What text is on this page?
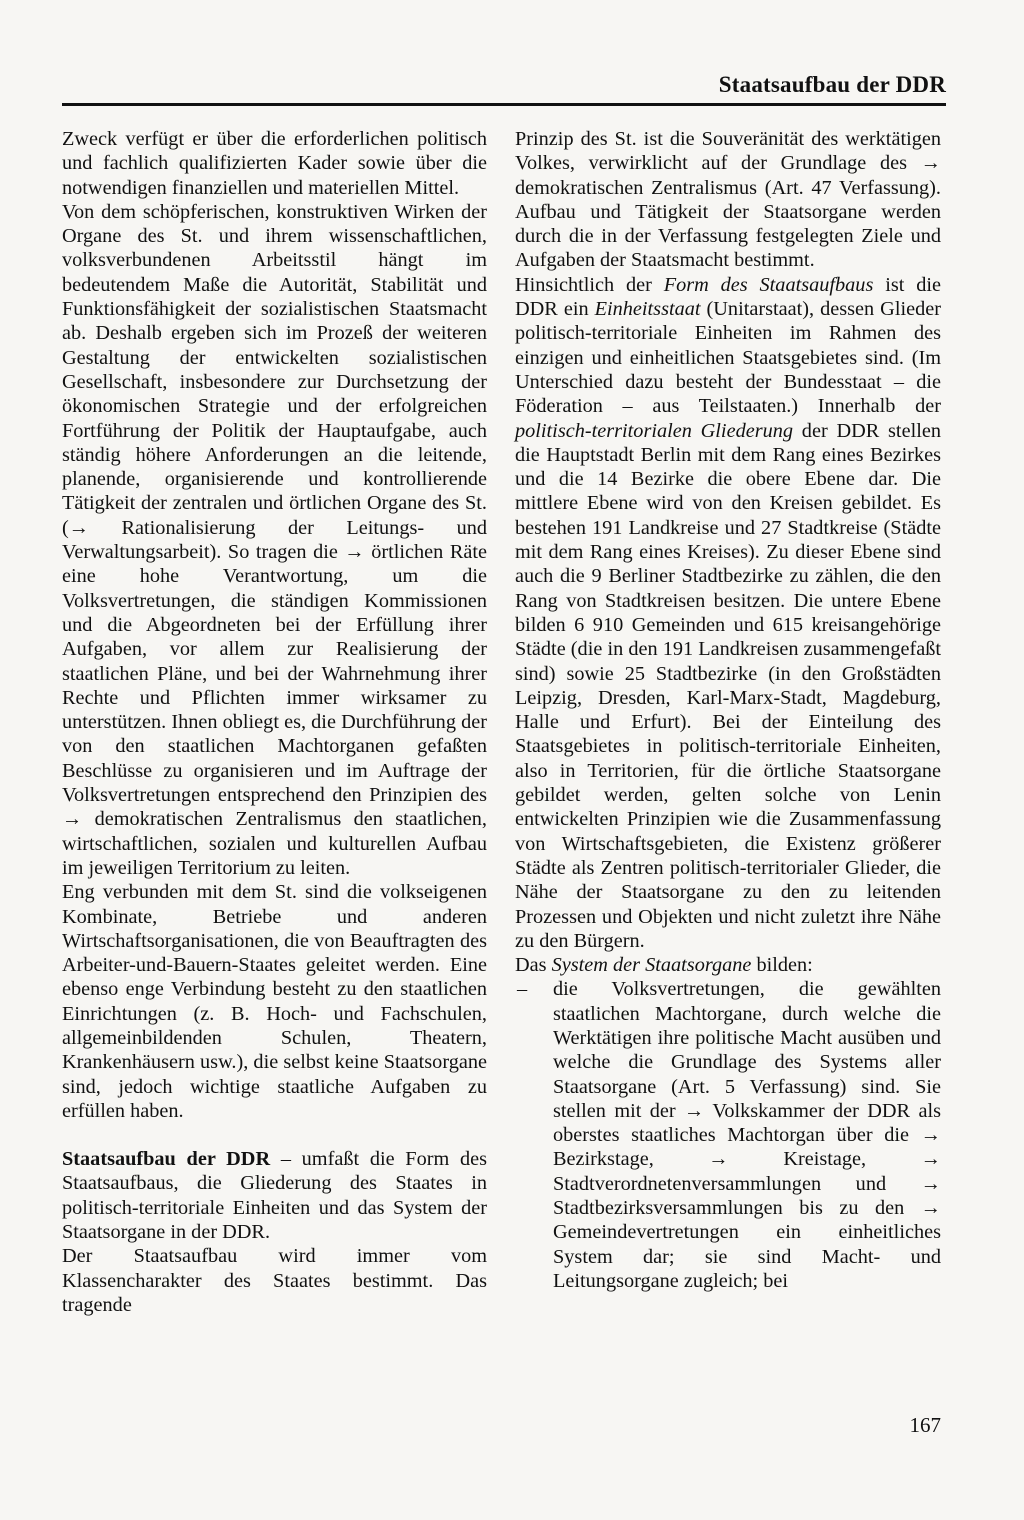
Staatsaufbau der DDR

Zweck verfügt er über die erforderlichen politisch und fachlich qualifizierten Kader sowie über die notwendigen finanziellen und materiellen Mittel.

Von dem schöpferischen, konstruktiven Wirken der Organe des St. und ihrem wissenschaftlichen, volksverbundenen Arbeitsstil hängt im bedeutendem Maße die Autorität, Stabilität und Funktionsfähigkeit der sozialistischen Staatsmacht ab. Deshalb ergeben sich im Prozeß der weiteren Gestaltung der entwickelten sozialistischen Gesellschaft, insbesondere zur Durchsetzung der ökonomischen Strategie und der erfolgreichen Fortführung der Politik der Hauptaufgabe, auch ständig höhere Anforderungen an die leitende, planende, organisierende und kontrollierende Tätigkeit der zentralen und örtlichen Organe des St. (→ Rationalisierung der Leitungs- und Verwaltungsarbeit). So tragen die → örtlichen Räte eine hohe Verantwortung, um die Volksvertretungen, die ständigen Kommissionen und die Abgeordneten bei der Erfüllung ihrer Aufgaben, vor allem zur Realisierung der staatlichen Pläne, und bei der Wahrnehmung ihrer Rechte und Pflichten immer wirksamer zu unterstützen. Ihnen obliegt es, die Durchführung der von den staatlichen Machtorganen gefaßten Beschlüsse zu organisieren und im Auftrage der Volksvertretungen entsprechend den Prinzipien des → demokratischen Zentralismus den staatlichen, wirtschaftlichen, sozialen und kulturellen Aufbau im jeweiligen Territorium zu leiten.

Eng verbunden mit dem St. sind die volkseigenen Kombinate, Betriebe und anderen Wirtschaftsorganisationen, die von Beauftragten des Arbeiter-und-Bauern-Staates geleitet werden. Eine ebenso enge Verbindung besteht zu den staatlichen Einrichtungen (z. B. Hoch- und Fachschulen, allgemeinbildenden Schulen, Theatern, Krankenhäusern usw.), die selbst keine Staatsorgane sind, jedoch wichtige staatliche Aufgaben zu erfüllen haben.

Staatsaufbau der DDR – umfaßt die Form des Staatsaufbaus, die Gliederung des Staates in politisch-territoriale Einheiten und das System der Staatsorgane in der DDR.

Der Staatsaufbau wird immer vom Klassencharakter des Staates bestimmt. Das tragende

Prinzip des St. ist die Souveränität des werktätigen Volkes, verwirklicht auf der Grundlage des → demokratischen Zentralismus (Art. 47 Verfassung). Aufbau und Tätigkeit der Staatsorgane werden durch die in der Verfassung festgelegten Ziele und Aufgaben der Staatsmacht bestimmt.

Hinsichtlich der Form des Staatsaufbaus ist die DDR ein Einheitsstaat (Unitarstaat), dessen Glieder politisch-territoriale Einheiten im Rahmen des einzigen und einheitlichen Staatsgebietes sind. (Im Unterschied dazu besteht der Bundesstaat – die Föderation – aus Teilstaaten.) Innerhalb der politisch-territorialen Gliederung der DDR stellen die Hauptstadt Berlin mit dem Rang eines Bezirkes und die 14 Bezirke die obere Ebene dar. Die mittlere Ebene wird von den Kreisen gebildet. Es bestehen 191 Landkreise und 27 Stadtkreise (Städte mit dem Rang eines Kreises). Zu dieser Ebene sind auch die 9 Berliner Stadtbezirke zu zählen, die den Rang von Stadtkreisen besitzen. Die untere Ebene bilden 6 910 Gemeinden und 615 kreisangehörige Städte (die in den 191 Landkreisen zusammengefaßt sind) sowie 25 Stadtbezirke (in den Großstädten Leipzig, Dresden, Karl-Marx-Stadt, Magdeburg, Halle und Erfurt). Bei der Einteilung des Staatsgebietes in politisch-territoriale Einheiten, also in Territorien, für die örtliche Staatsorgane gebildet werden, gelten solche von Lenin entwickelten Prinzipien wie die Zusammenfassung von Wirtschaftsgebieten, die Existenz größerer Städte als Zentren politisch-territorialer Glieder, die Nähe der Staatsorgane zu den zu leitenden Prozessen und Objekten und nicht zuletzt ihre Nähe zu den Bürgern.

Das System der Staatsorgane bilden:

– die Volksvertretungen, die gewählten staatlichen Machtorgane, durch welche die Werktätigen ihre politische Macht ausüben und welche die Grundlage des Systems aller Staatsorgane (Art. 5 Verfassung) sind. Sie stellen mit der → Volkskammer der DDR als oberstes staatliches Machtorgan über die → Bezirkstage, → Kreistage, → Stadtverordnetenversammlungen und → Stadtbezirksversammlungen bis zu den → Gemeindevertretungen ein einheitliches System dar; sie sind Macht- und Leitungsorgane zugleich; bei
167
